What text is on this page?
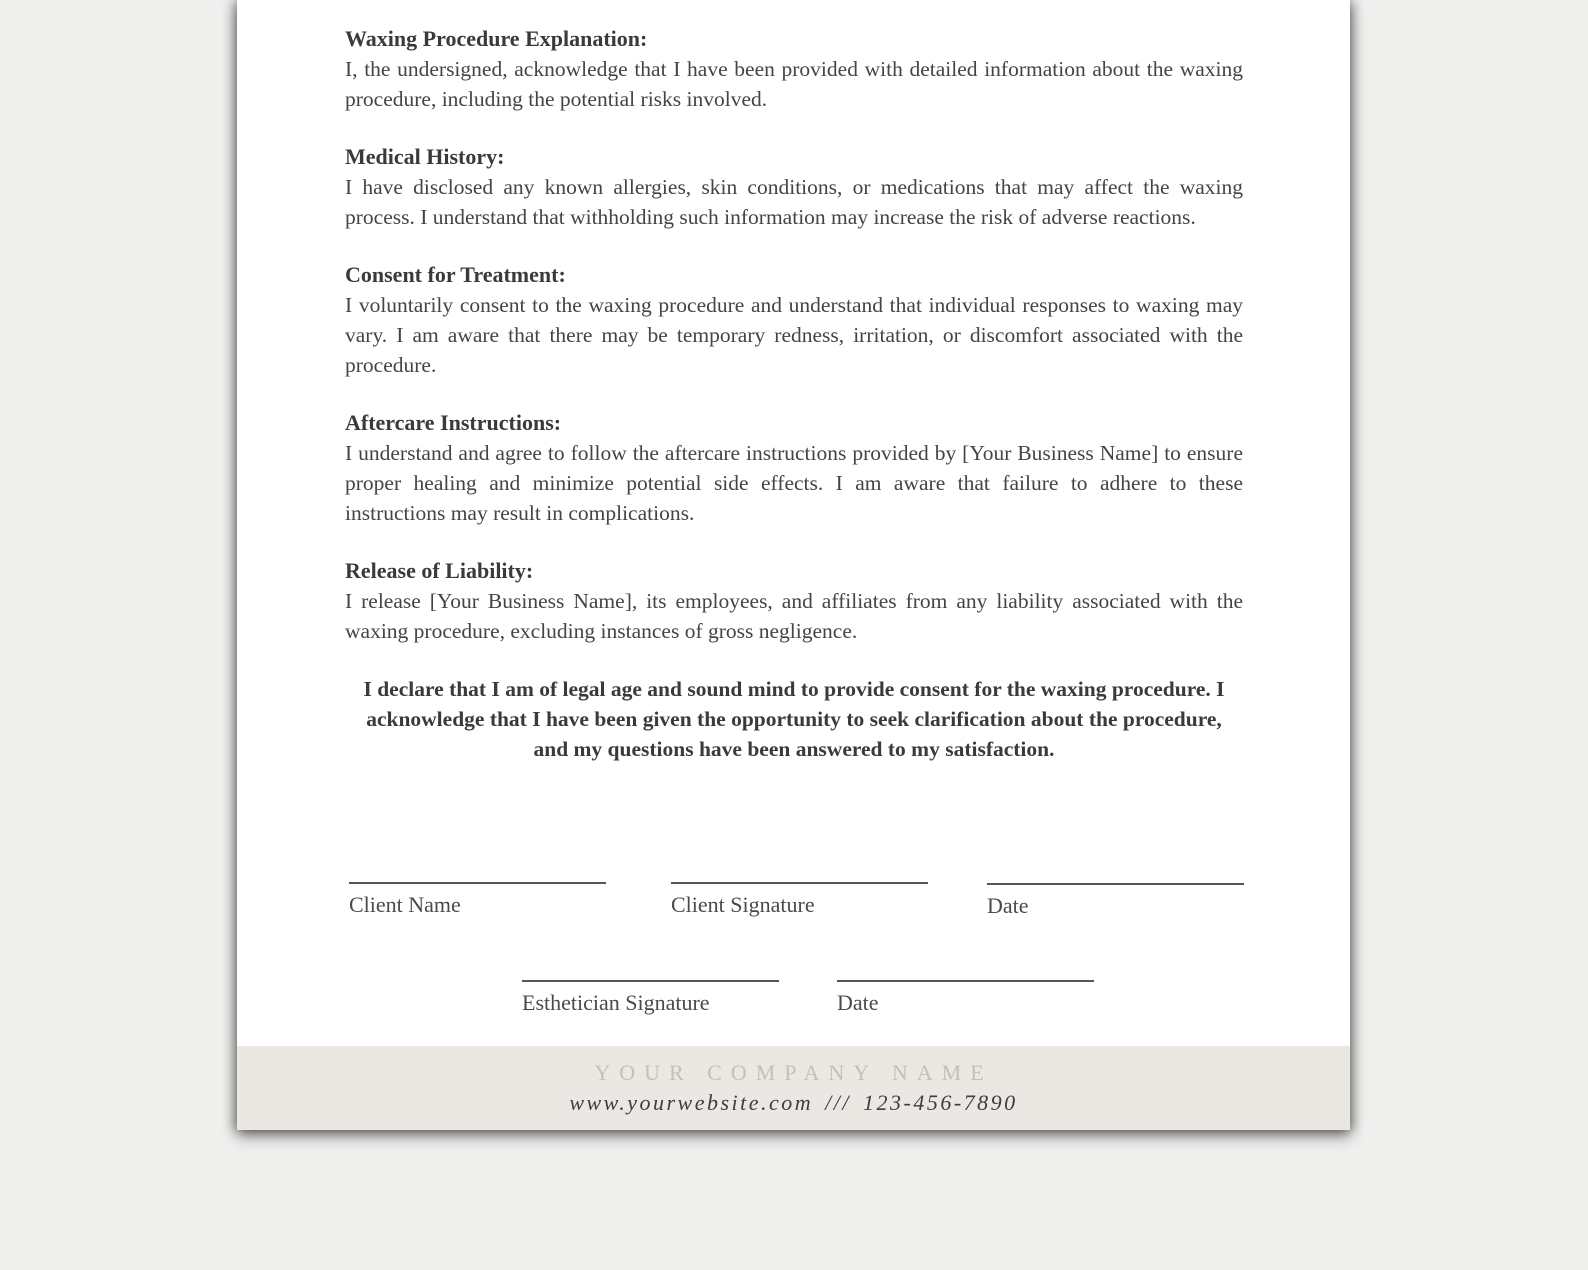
Waxing Procedure Explanation:

I, the undersigned, acknowledge that I have been provided with detailed information about the waxing procedure, including the potential risks involved.

Medical History:

I have disclosed any known allergies, skin conditions, or medications that may affect the waxing process. I understand that withholding such information may increase the risk of adverse reactions.

Consent for Treatment:

I voluntarily consent to the waxing procedure and understand that individual responses to waxing may vary. I am aware that there may be temporary redness, irritation, or discomfort associated with the procedure.

Aftercare Instructions:

I understand and agree to follow the aftercare instructions provided by [Your Business Name] to ensure proper healing and minimize potential side effects. I am aware that failure to adhere to these instructions may result in complications.

Release of Liability:

I release [Your Business Name], its employees, and affiliates from any liability associated with the waxing procedure, excluding instances of gross negligence.

I declare that I am of legal age and sound mind to provide consent for the waxing procedure. I acknowledge that I have been given the opportunity to seek clarification about the procedure, and my questions have been answered to my satisfaction.

Client Name	Client Signature	Date
Esthetician Signature	Date
YOUR COMPANY NAME
www.yourwebsite.com /// 123-456-7890
